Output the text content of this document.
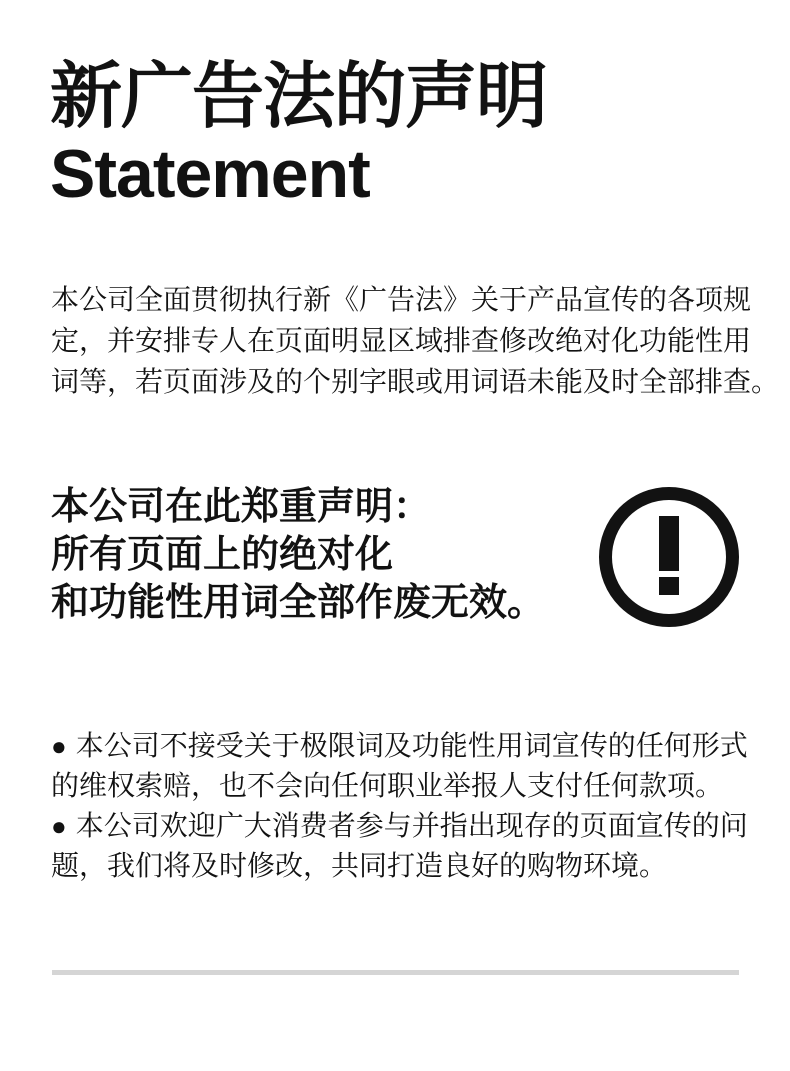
新广告法的声明
Statement
本公司全面贯彻执行新《广告法》关于产品宣传的各项规
定，并安排专人在页面明显区域排查修改绝对化功能性用
词等，若页面涉及的个别字眼或用词语未能及时全部排查。
本公司在此郑重声明：
所有页面上的绝对化
和功能性用词全部作废无效。
● 本公司不接受关于极限词及功能性用词宣传的任何形式
的维权索赔，也不会向任何职业举报人支付任何款项。
● 本公司欢迎广大消费者参与并指出现存的页面宣传的问
题，我们将及时修改，共同打造良好的购物环境。
